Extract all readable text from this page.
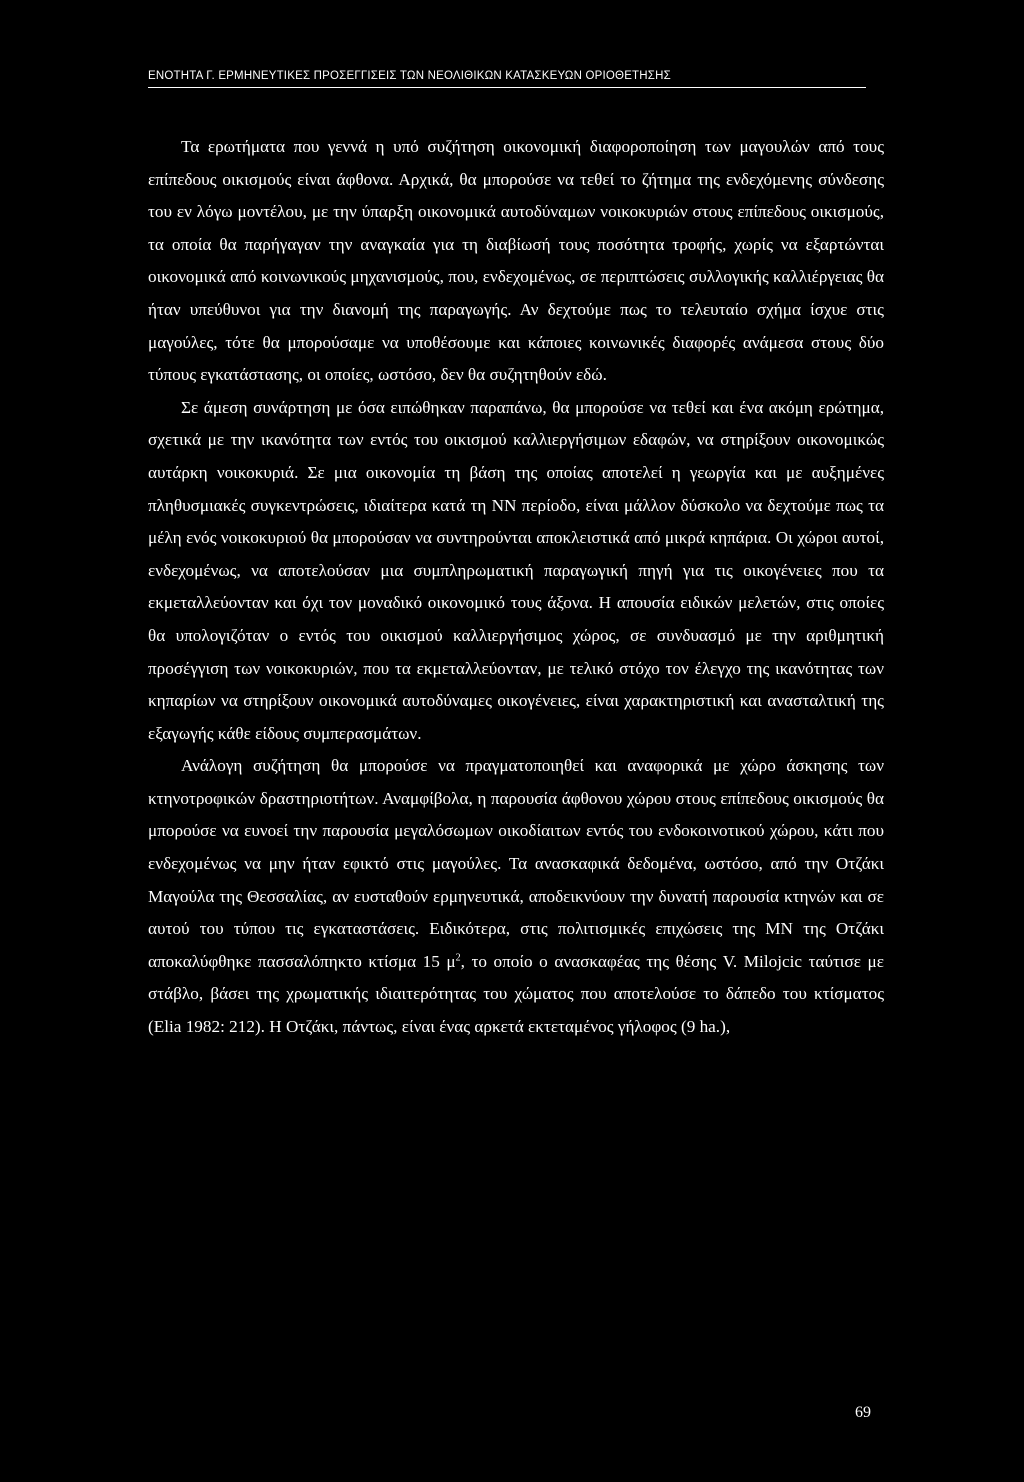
ΕΝΟΤΗΤΑ Γ. ΕΡΜΗΝΕΥΤΙΚΕΣ ΠΡΟΣΕΓΓΙΣΕΙΣ ΤΩΝ ΝΕΟΛΙΘΙΚΩΝ ΚΑΤΑΣΚΕΥΩΝ ΟΡΙΟΘΕΤΗΣΗΣ

Τα ερωτήματα που γεννά η υπό συζήτηση οικονομική διαφοροποίηση των μαγουλών από τους επίπεδους οικισμούς είναι άφθονα. Αρχικά, θα μπορούσε να τεθεί το ζήτημα της ενδεχόμενης σύνδεσης του εν λόγω μοντέλου, με την ύπαρξη οικονομικά αυτοδύναμων νοικοκυριών στους επίπεδους οικισμούς, τα οποία θα παρήγαγαν την αναγκαία για τη διαβίωσή τους ποσότητα τροφής, χωρίς να εξαρτώνται οικονομικά από κοινωνικούς μηχανισμούς, που, ενδεχομένως, σε περιπτώσεις συλλογικής καλλιέργειας θα ήταν υπεύθυνοι για την διανομή της παραγωγής. Αν δεχτούμε πως το τελευταίο σχήμα ίσχυε στις μαγούλες, τότε θα μπορούσαμε να υποθέσουμε και κάποιες κοινωνικές διαφορές ανάμεσα στους δύο τύπους εγκατάστασης, οι οποίες, ωστόσο, δεν θα συζητηθούν εδώ.

Σε άμεση συνάρτηση με όσα ειπώθηκαν παραπάνω, θα μπορούσε να τεθεί και ένα ακόμη ερώτημα, σχετικά με την ικανότητα των εντός του οικισμού καλλιεργήσιμων εδαφών, να στηρίξουν οικονομικώς αυτάρκη νοικοκυριά. Σε μια οικονομία τη βάση της οποίας αποτελεί η γεωργία και με αυξημένες πληθυσμιακές συγκεντρώσεις, ιδιαίτερα κατά τη ΝΝ περίοδο, είναι μάλλον δύσκολο να δεχτούμε πως τα μέλη ενός νοικοκυριού θα μπορούσαν να συντηρούνται αποκλειστικά από μικρά κηπάρια. Οι χώροι αυτοί, ενδεχομένως, να αποτελούσαν μια συμπληρωματική παραγωγική πηγή για τις οικογένειες που τα εκμεταλλεύονταν και όχι τον μοναδικό οικονομικό τους άξονα. Η απουσία ειδικών μελετών, στις οποίες θα υπολογιζόταν ο εντός του οικισμού καλλιεργήσιμος χώρος, σε συνδυασμό με την αριθμητική προσέγγιση των νοικοκυριών, που τα εκμεταλλεύονταν, με τελικό στόχο τον έλεγχο της ικανότητας των κηπαρίων να στηρίξουν οικονομικά αυτοδύναμες οικογένειες, είναι χαρακτηριστική και ανασταλτική της εξαγωγής κάθε είδους συμπερασμάτων.

Ανάλογη συζήτηση θα μπορούσε να πραγματοποιηθεί και αναφορικά με χώρο άσκησης των κτηνοτροφικών δραστηριοτήτων. Αναμφίβολα, η παρουσία άφθονου χώρου στους επίπεδους οικισμούς θα μπορούσε να ευνοεί την παρουσία μεγαλόσωμων οικοδίαιτων εντός του ενδοκοινοτικού χώρου, κάτι που ενδεχομένως να μην ήταν εφικτό στις μαγούλες. Τα ανασκαφικά δεδομένα, ωστόσο, από την Οτζάκι Μαγούλα της Θεσσαλίας, αν ευσταθούν ερμηνευτικά, αποδεικνύουν την δυνατή παρουσία κτηνών και σε αυτού του τύπου τις εγκαταστάσεις. Ειδικότερα, στις πολιτισμικές επιχώσεις της ΜΝ της Οτζάκι αποκαλύφθηκε πασσαλόπηκτο κτίσμα 15 $\mu^2$, το οποίο ο ανασκαφέας της θέσης V. Milojcic ταύτισε με στάβλο, βάσει της χρωματικής ιδιαιτερότητας του χώματος που αποτελούσε το δάπεδο του κτίσματος (Elia 1982: 212). Η Οτζάκι, πάντως, είναι ένας αρκετά εκτεταμένος γήλοφος (9 ha.),

69
